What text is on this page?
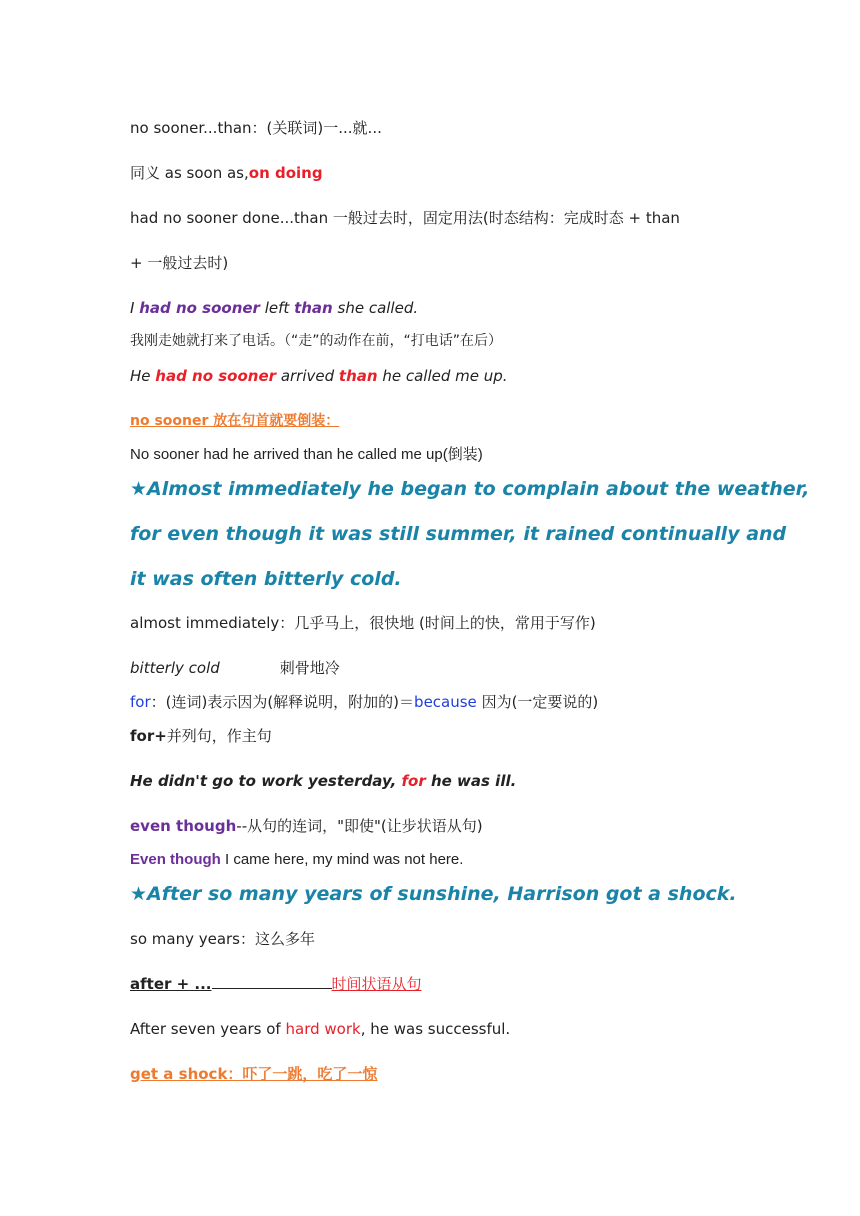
no sooner...than：(关联词)一...就...
同义 as soon as,on doing
had no sooner done...than 一般过去时，固定用法(时态结构：完成时态 + than
+ 一般过去时)
I had no sooner left than she called.
我刚走她就打来了电话。（“走”的动作在前，“打电话”在后）
He had no sooner arrived than he called me up.
no sooner 放在句首就要倒装：
No sooner had he arrived than he called me up(倒装)
★Almost immediately he began to complain about the weather,
for even though it was still summer, it rained continually and
it was often bitterly cold.
almost immediately：几乎马上，很快地 (时间上的快，常用于写作)
bitterly cold	刺骨地冷
for：(连词)表示因为(解释说明，附加的)＝because 因为(一定要说的)
for+并列句，作主句
He didn't go to work yesterday, for he was ill.
even though--从句的连词，"即使"(让步状语从句)
Even though I came here, my mind was not here.
★After so many years of sunshine, Harrison got a shock.
so many years：这么多年
after + ...	时间状语从句
After seven years of hard work, he was successful.
get a shock：吓了一跳，吃了一惊
